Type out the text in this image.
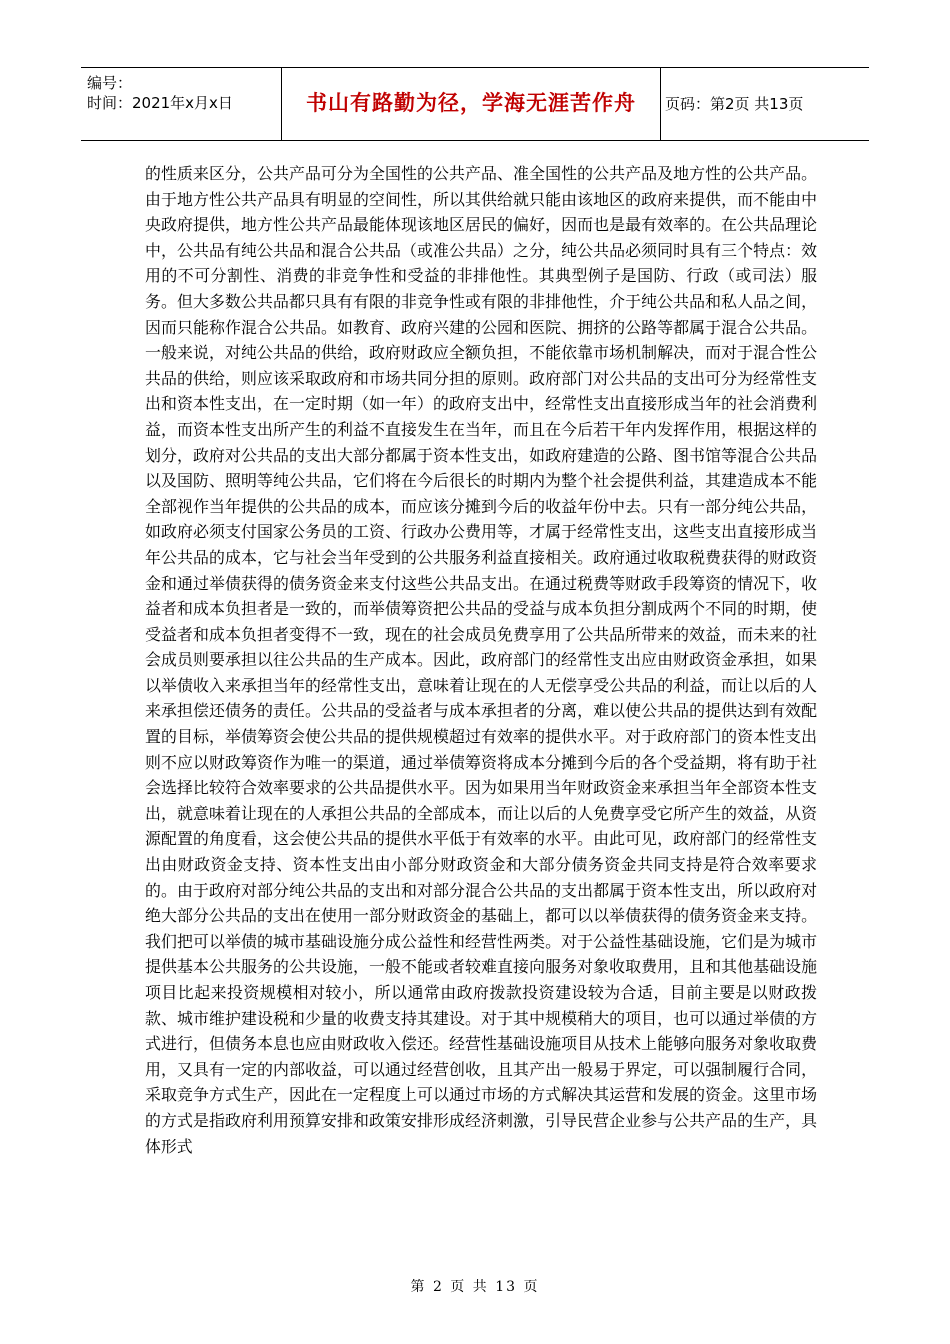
编号：
时间：2021年x月x日	书山有路勤为径，学海无涯苦作舟	页码：第2页 共13页

的性质来区分，公共产品可分为全国性的公共产品、准全国性的公共产品及地方性的公共产品。由于地方性公共产品具有明显的空间性，所以其供给就只能由该地区的政府来提供，而不能由中央政府提供，地方性公共产品最能体现该地区居民的偏好，因而也是最有效率的。在公共品理论中，公共品有纯公共品和混合公共品（或准公共品）之分，纯公共品必须同时具有三个特点：效用的不可分割性、消费的非竞争性和受益的非排他性。其典型例子是国防、行政（或司法）服务。但大多数公共品都只具有有限的非竞争性或有限的非排他性，介于纯公共品和私人品之间，因而只能称作混合公共品。如教育、政府兴建的公园和医院、拥挤的公路等都属于混合公共品。一般来说，对纯公共品的供给，政府财政应全额负担，不能依靠市场机制解决，而对于混合性公共品的供给，则应该采取政府和市场共同分担的原则。政府部门对公共品的支出可分为经常性支出和资本性支出，在一定时期（如一年）的政府支出中，经常性支出直接形成当年的社会消费利益，而资本性支出所产生的利益不直接发生在当年，而且在今后若干年内发挥作用，根据这样的划分，政府对公共品的支出大部分都属于资本性支出，如政府建造的公路、图书馆等混合公共品以及国防、照明等纯公共品，它们将在今后很长的时期内为整个社会提供利益，其建造成本不能全部视作当年提供的公共品的成本，而应该分摊到今后的收益年份中去。只有一部分纯公共品，如政府必须支付国家公务员的工资、行政办公费用等，才属于经常性支出，这些支出直接形成当年公共品的成本，它与社会当年受到的公共服务利益直接相关。政府通过收取税费获得的财政资金和通过举债获得的债务资金来支付这些公共品支出。在通过税费等财政手段筹资的情况下，收益者和成本负担者是一致的，而举债筹资把公共品的受益与成本负担分割成两个不同的时期，使受益者和成本负担者变得不一致，现在的社会成员免费享用了公共品所带来的效益，而未来的社会成员则要承担以往公共品的生产成本。因此，政府部门的经常性支出应由财政资金承担，如果以举债收入来承担当年的经常性支出，意味着让现在的人无偿享受公共品的利益，而让以后的人来承担偿还债务的责任。公共品的受益者与成本承担者的分离，难以使公共品的提供达到有效配置的目标，举债筹资会使公共品的提供规模超过有效率的提供水平。对于政府部门的资本性支出则不应以财政筹资作为唯一的渠道，通过举债筹资将成本分摊到今后的各个受益期，将有助于社会选择比较符合效率要求的公共品提供水平。因为如果用当年财政资金来承担当年全部资本性支出，就意味着让现在的人承担公共品的全部成本，而让以后的人免费享受它所产生的效益，从资源配置的角度看，这会使公共品的提供水平低于有效率的水平。由此可见，政府部门的经常性支出由财政资金支持、资本性支出由小部分财政资金和大部分债务资金共同支持是符合效率要求的。由于政府对部分纯公共品的支出和对部分混合公共品的支出都属于资本性支出，所以政府对绝大部分公共品的支出在使用一部分财政资金的基础上，都可以以举债获得的债务资金来支持。我们把可以举债的城市基础设施分成公益性和经营性两类。对于公益性基础设施，它们是为城市提供基本公共服务的公共设施，一般不能或者较难直接向服务对象收取费用，且和其他基础设施项目比起来投资规模相对较小，所以通常由政府拨款投资建设较为合适，目前主要是以财政拨款、城市维护建设税和少量的收费支持其建设。对于其中规模稍大的项目，也可以通过举债的方式进行，但债务本息也应由财政收入偿还。经营性基础设施项目从技术上能够向服务对象收取费用，又具有一定的内部收益，可以通过经营创收，且其产出一般易于界定，可以强制履行合同，采取竞争方式生产，因此在一定程度上可以通过市场的方式解决其运营和发展的资金。这里市场的方式是指政府利用预算安排和政策安排形成经济刺激，引导民营企业参与公共产品的生产，具体形式

第 2 页 共 13 页
